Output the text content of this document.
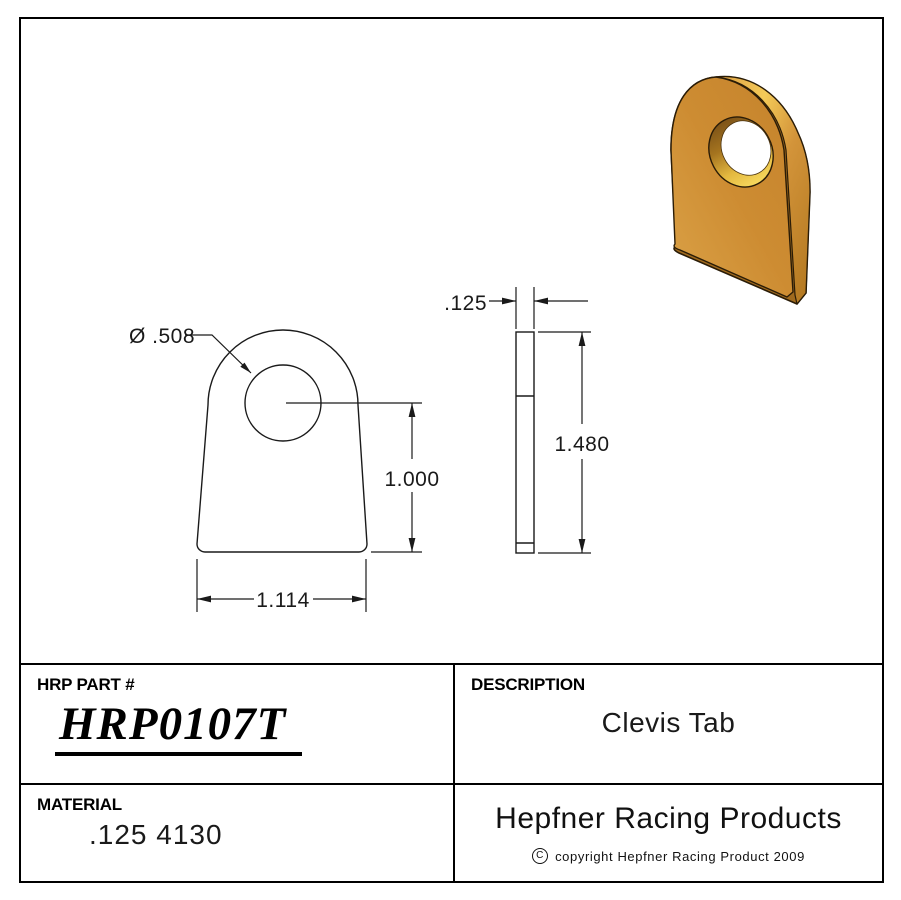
Ø .508
1.000
1.114
.125
1.480
HRP PART #
HRP0107T
DESCRIPTION
Clevis Tab
MATERIAL
.125 4130	Hepfner Racing Products
C copyright Hepfner Racing Product 2009
